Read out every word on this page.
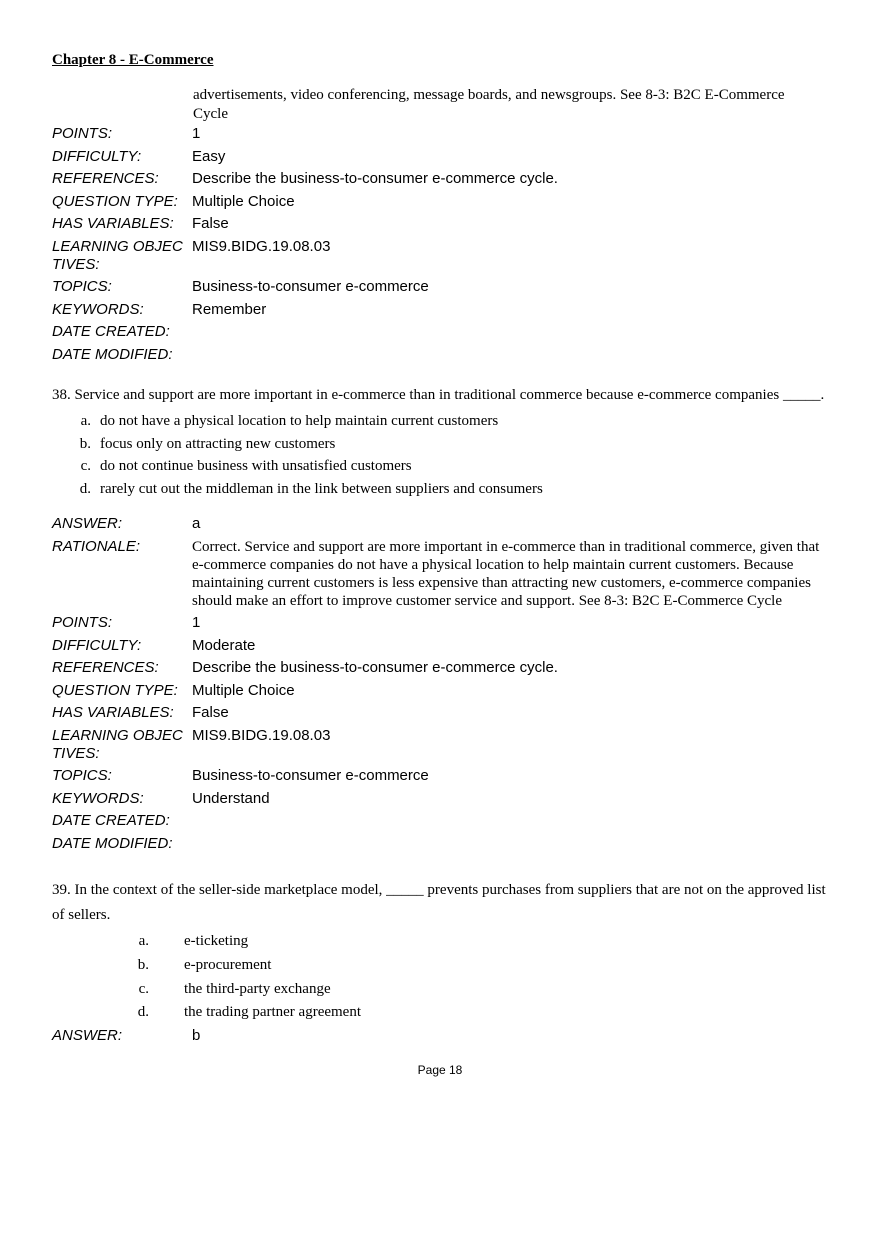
Chapter 8 - E-Commerce
advertisements, video conferencing, message boards, and newsgroups. See 8-3: B2C E-Commerce Cycle
POINTS:	1
DIFFICULTY:	Easy
REFERENCES:	Describe the business-to-consumer e-commerce cycle.
QUESTION TYPE: Multiple Choice
HAS VARIABLES:	False
LEARNING OBJECTIVES:
MIS9.BIDG.19.08.03
TOPICS:	Business-to-consumer e-commerce
KEYWORDS:	Remember
DATE CREATED:
DATE MODIFIED:
38. Service and support are more important in e-commerce than in traditional commerce because e-commerce companies _____.
a. do not have a physical location to help maintain current customers
b. focus only on attracting new customers
c. do not continue business with unsatisfied customers
d. rarely cut out the middleman in the link between suppliers and consumers
ANSWER:	a
RATIONALE:	Correct. Service and support are more important in e-commerce than in traditional commerce, given that e-commerce companies do not have a physical location to help maintain current customers. Because maintaining current customers is less expensive than attracting new customers, e-commerce companies should make an effort to improve customer service and support. See 8-3: B2C E-Commerce Cycle
POINTS:	1
DIFFICULTY:	Moderate
REFERENCES:	Describe the business-to-consumer e-commerce cycle.
QUESTION TYPE: Multiple Choice
HAS VARIABLES:	False
LEARNING OBJECTIVES:
MIS9.BIDG.19.08.03
TOPICS:	Business-to-consumer e-commerce
KEYWORDS:	Understand
DATE CREATED:
DATE MODIFIED:
39. In the context of the seller-side marketplace model, _____ prevents purchases from suppliers that are not on the approved list of sellers.
a. e-ticketing
b. e-procurement
c. the third-party exchange
d. the trading partner agreement
ANSWER:	b
Page 18
